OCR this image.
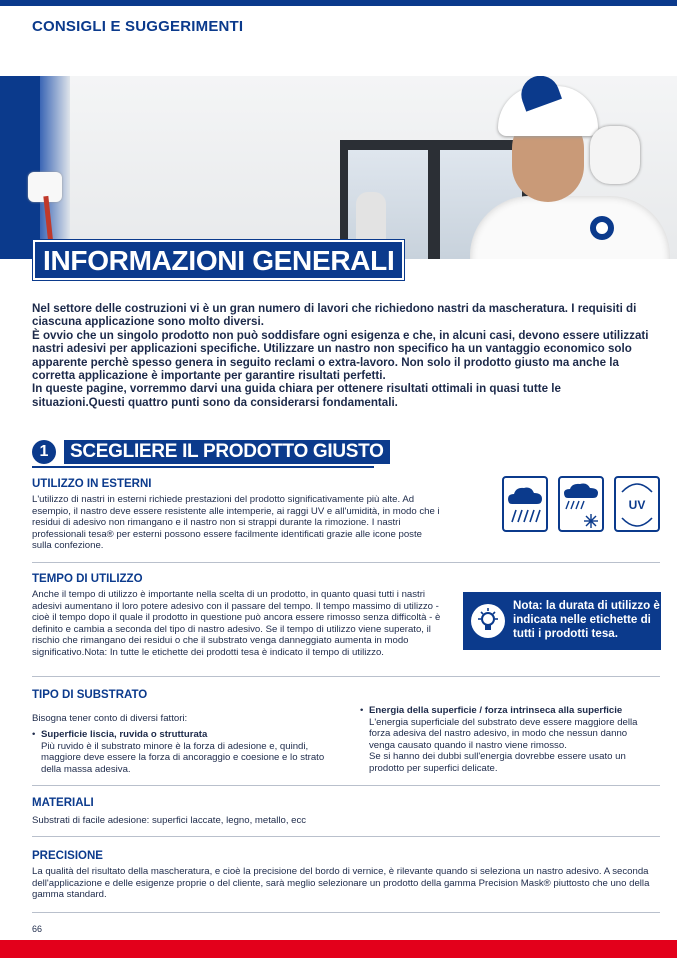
CONSIGLI E SUGGERIMENTI
INFORMAZIONI GENERALI

Nel settore delle costruzioni vi è un gran numero di lavori che richiedono nastri da mascheratura. I requisiti di ciascuna applicazione sono molto diversi.

È ovvio che un singolo prodotto non può soddisfare ogni esigenza e che, in alcuni casi, devono essere utilizzati nastri adesivi per applicazioni specifiche. Utilizzare un nastro non specifico ha un vantaggio economico solo apparente perchè spesso genera in seguito reclami o extra-lavoro. Non solo il prodotto giusto ma anche la corretta applicazione è importante per garantire risultati perfetti.

In queste pagine, vorremmo darvi una guida chiara per ottenere risultati ottimali in quasi tutte le situazioni.Questi quattro punti sono da considerarsi fondamentali.

1	SCEGLIERE IL PRODOTTO GIUSTO
UTILIZZO IN ESTERNI
L'utilizzo di nastri in esterni richiede prestazioni del prodotto significativamente più alte. Ad esempio, il nastro deve essere resistente alle intemperie, ai raggi UV e all'umidità, in modo che i residui di adesivo non rimangano e il nastro non si strappi durante la rimozione. I nastri professionali tesa® per esterni possono essere facilmente identificati grazie alle icone poste sulla confezione.
UV
TEMPO DI UTILIZZO
Anche il tempo di utilizzo è importante nella scelta di un prodotto, in quanto quasi tutti i nastri adesivi aumentano il loro potere adesivo con il passare del tempo. Il tempo massimo di utilizzo - cioè il tempo dopo il quale il prodotto in questione può ancora essere rimosso senza difficoltà - è definito e cambia a seconda del tipo di nastro adesivo. Se il tempo di utilizzo viene superato, il rischio che rimangano dei residui o che il substrato venga danneggiato aumenta in modo significativo.Nota: In tutte le etichette dei prodotti tesa è indicato il tempo di utilizzo.
Nota: la durata di utilizzo è indicata nelle etichette di tutti i prodotti tesa.
TIPO DI SUBSTRATO
Bisogna tener conto di diversi fattori:
• Superficie liscia, ruvida o strutturata
Più ruvido è il substrato minore è la forza di adesione e, quindi, maggiore deve essere la forza di ancoraggio e coesione e lo strato della massa adesiva.
• Energia della superficie / forza intrinseca alla superficie
L'energia superficiale del substrato deve essere maggiore della forza adesiva del nastro adesivo, in modo che nessun danno venga causato quando il nastro viene rimosso.
Se si hanno dei dubbi sull'energia dovrebbe essere usato un prodotto per superfici delicate.
MATERIALI
Substrati di facile adesione: superfici laccate, legno, metallo, ecc
PRECISIONE
La qualità del risultato della mascheratura, e cioè la precisione del bordo di vernice, è rilevante quando si seleziona un nastro adesivo. A seconda dell'applicazione e delle esigenze proprie o del cliente, sarà meglio selezionare un prodotto della gamma Precision Mask® piuttosto che uno della gamma standard.
66
